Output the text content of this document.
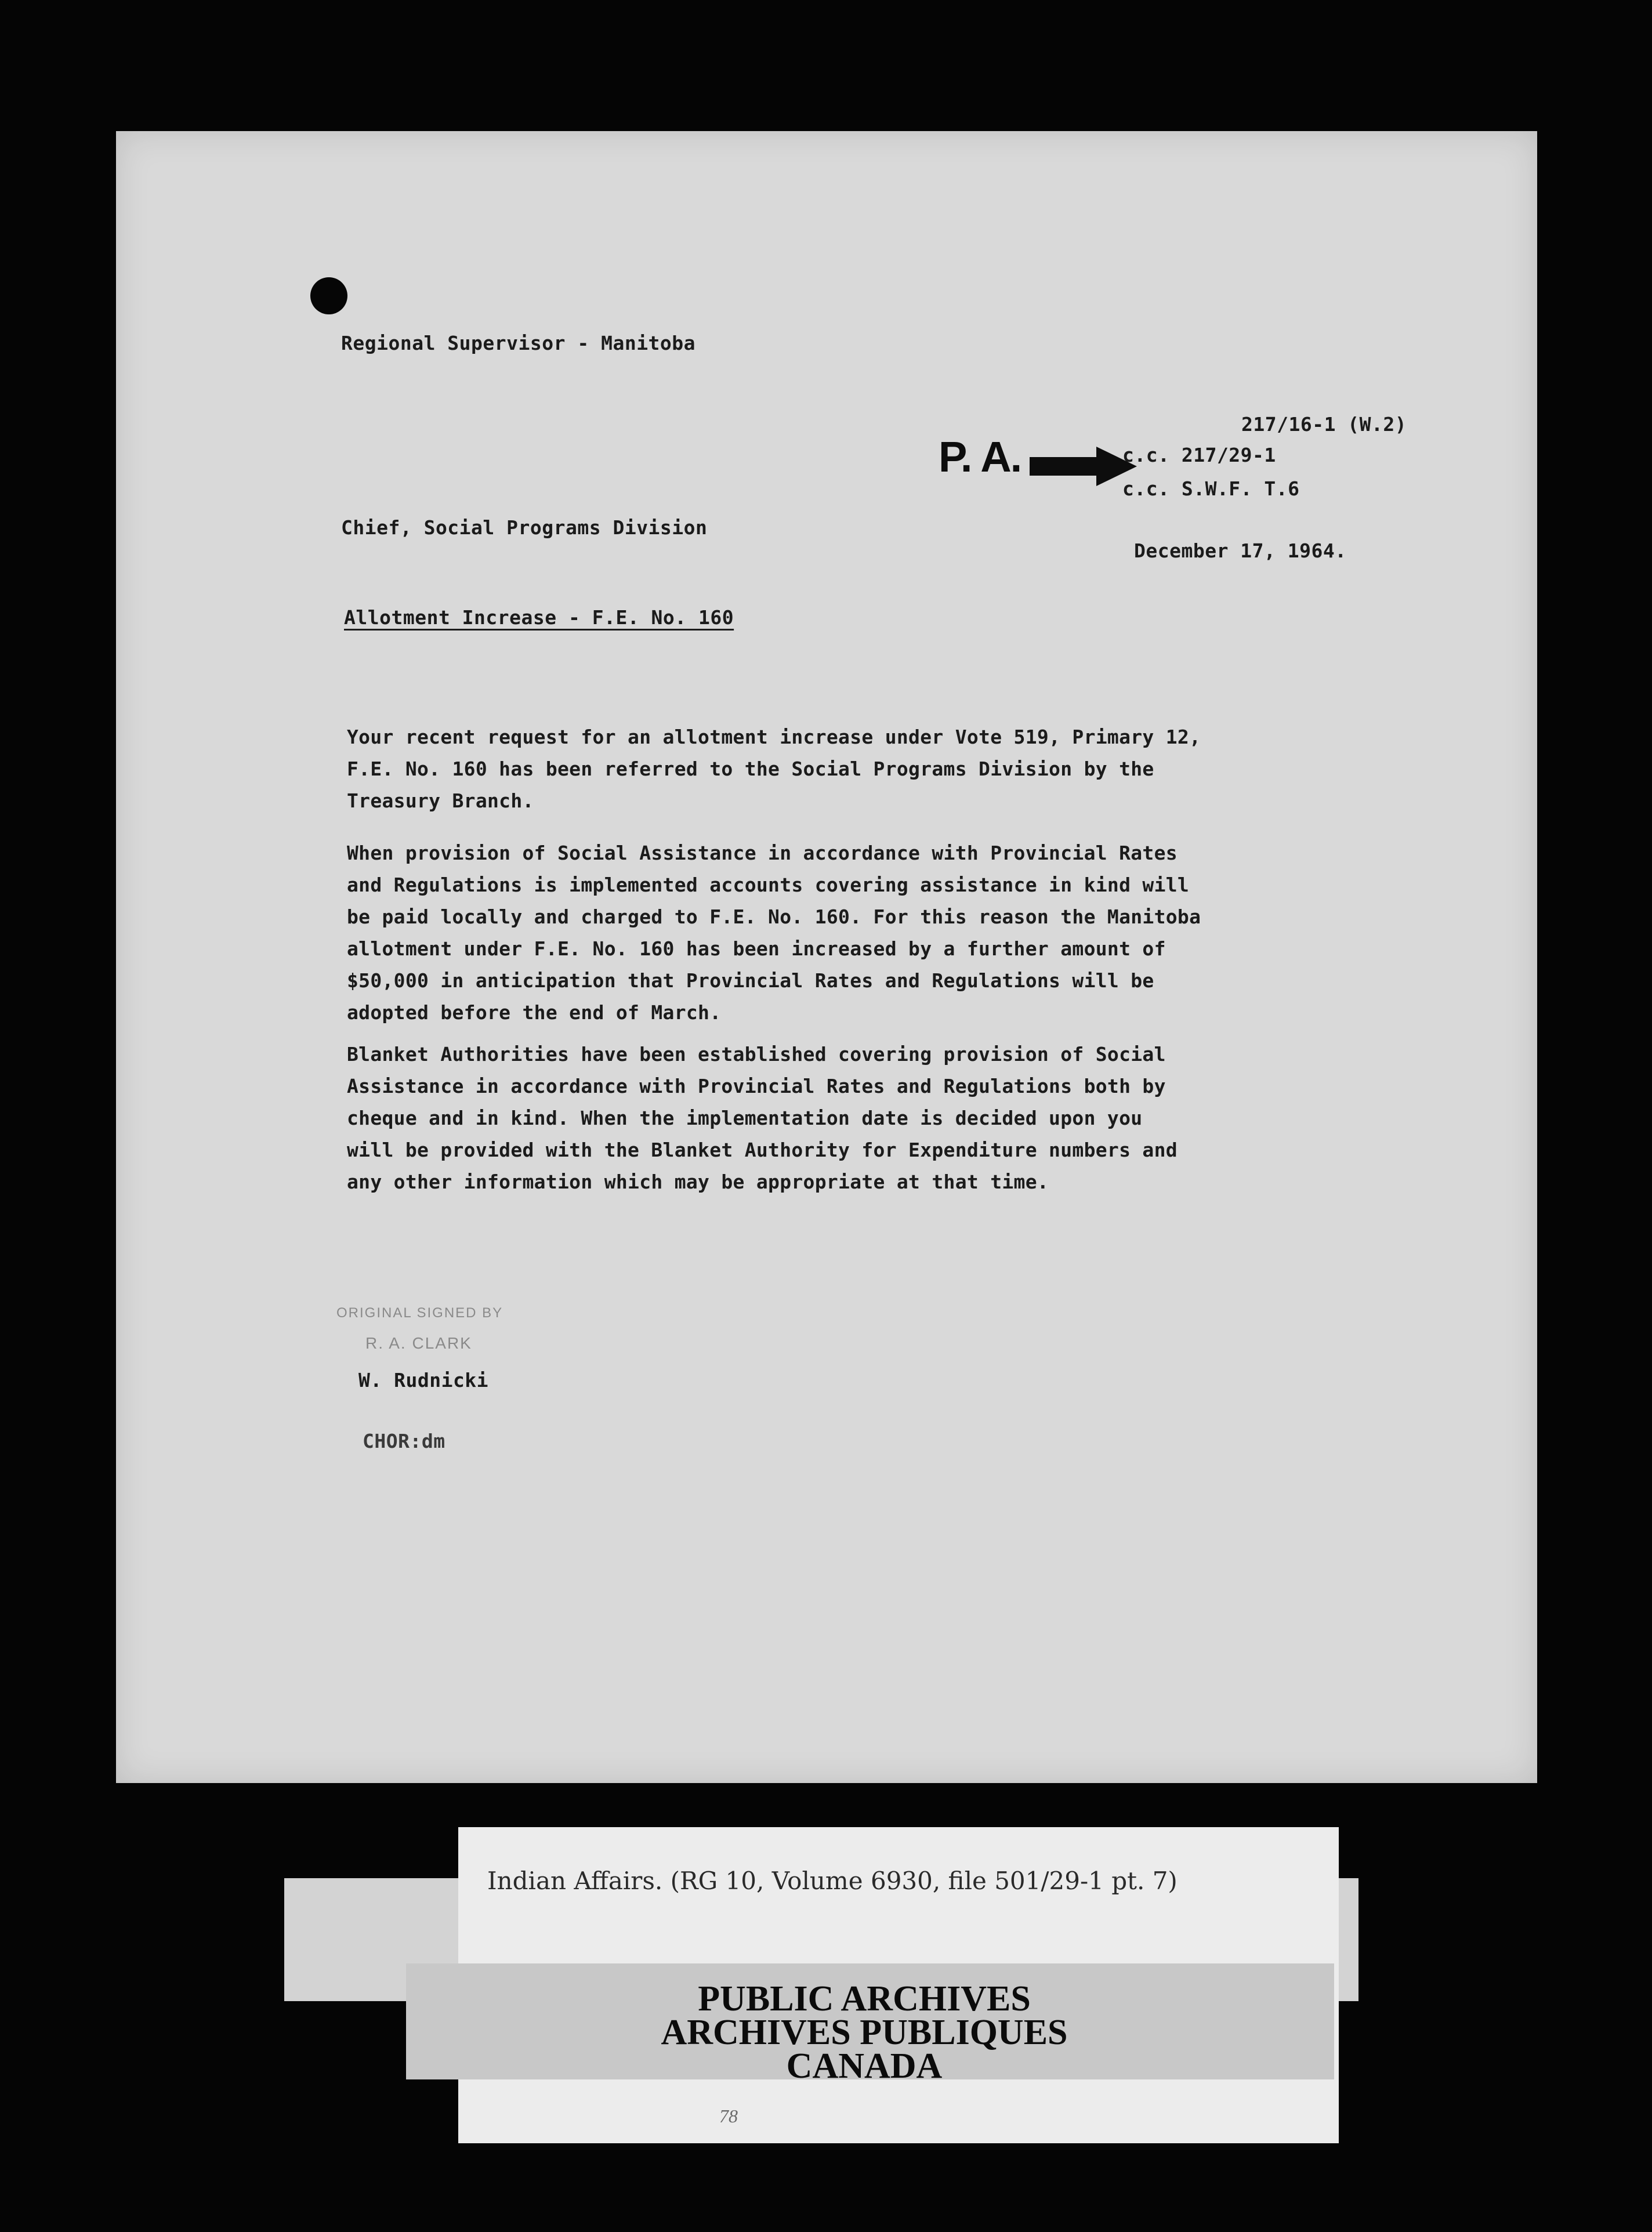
Regional Supervisor - Manitoba
217/16-1 (W.2)
c.c. 217/29-1
c.c. S.W.F. T.6
P. A.
Chief, Social Programs Division
December 17, 1964.
Allotment Increase - F.E. No. 160
Your recent request for an allotment increase under Vote 519, Primary 12,
F.E. No. 160 has been referred to the Social Programs Division by the
Treasury Branch.
When provision of Social Assistance in accordance with Provincial Rates
and Regulations is implemented accounts covering assistance in kind will
be paid locally and charged to F.E. No. 160. For this reason the Manitoba
allotment under F.E. No. 160 has been increased by a further amount of
$50,000 in anticipation that Provincial Rates and Regulations will be
adopted before the end of March.
Blanket Authorities have been established covering provision of Social
Assistance in accordance with Provincial Rates and Regulations both by
cheque and in kind. When the implementation date is decided upon you
will be provided with the Blanket Authority for Expenditure numbers and
any other information which may be appropriate at that time.
ORIGINAL SIGNED BY
R. A. CLARK
W. Rudnicki
CHOR:dm
Indian Affairs. (RG 10, Volume 6930, file 501/29-1 pt. 7)
PUBLIC ARCHIVES
ARCHIVES PUBLIQUES
CANADA
78
